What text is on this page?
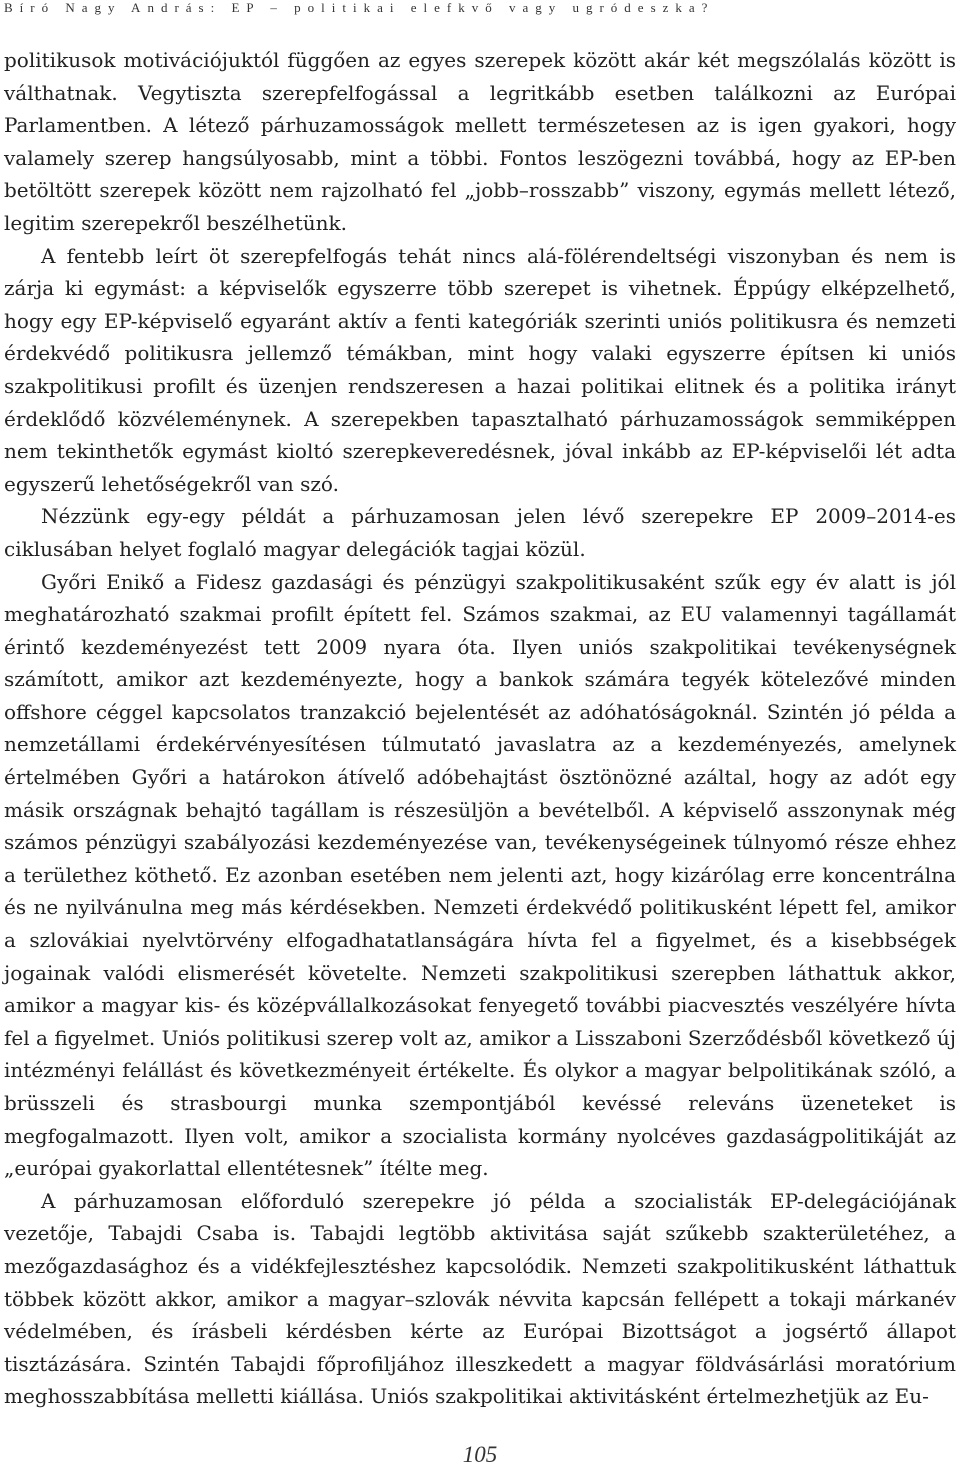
Bíró Nagy András: EP – politikai elefkvő vagy ugródeszka?

politikusok motivációjuktól függően az egyes szerepek között akár két megszólalás között is válthatnak. Vegytiszta szerepfelfogással a legritkább esetben találkozni az Európai Parlamentben. A létező párhuzamosságok mellett természetesen az is igen gyakori, hogy valamely szerep hangsúlyosabb, mint a többi. Fontos leszögezni továbbá, hogy az EP-ben betöltött szerepek között nem rajzolható fel „jobb–rosszabb” viszony, egymás mellett létező, legitim szerepekről beszélhetünk.

A fentebb leírt öt szerepfelfogás tehát nincs alá-fölérendeltségi viszonyban és nem is zárja ki egymást: a képviselők egyszerre több szerepet is vihetnek. Éppúgy elképzelhető, hogy egy EP-képviselő egyaránt aktív a fenti kategóriák szerinti uniós politikusra és nemzeti érdekvédő politikusra jellemző témákban, mint hogy valaki egyszerre építsen ki uniós szakpolitikusi profilt és üzenjen rendszeresen a hazai politikai elitnek és a politika irányt érdeklődő közvéleménynek. A szerepekben tapasztalható párhuzamosságok semmiképpen nem tekinthetők egymást kioltó szerepkeveredésnek, jóval inkább az EP-képviselői lét adta egyszerű lehetőségekről van szó.

Nézzünk egy-egy példát a párhuzamosan jelen lévő szerepekre EP 2009–2014-es ciklusában helyet foglaló magyar delegációk tagjai közül.

Győri Enikő a Fidesz gazdasági és pénzügyi szakpolitikusaként szűk egy év alatt is jól meghatározható szakmai profilt épített fel. Számos szakmai, az EU valamennyi tagállamát érintő kezdeményezést tett 2009 nyara óta. Ilyen uniós szakpolitikai tevékenységnek számított, amikor azt kezdeményezte, hogy a bankok számára tegyék kötelezővé minden offshore céggel kapcsolatos tranzakció bejelentését az adóhatóságoknál. Szintén jó példa a nemzetállami érdekérvényesítésen túlmutató javaslatra az a kezdeményezés, amelynek értelmében Győri a határokon átívelő adóbehajtást ösztönözné azáltal, hogy az adót egy másik országnak behajtó tagállam is részesüljön a bevételből. A képviselő asszonynak még számos pénzügyi szabályozási kezdeményezése van, tevékenységeinek túlnyomó része ehhez a területhez köthető. Ez azonban esetében nem jelenti azt, hogy kizárólag erre koncentrálna és ne nyilvánulna meg más kérdésekben. Nemzeti érdekvédő politikusként lépett fel, amikor a szlovákiai nyelvtörvény elfogadhatatlanságára hívta fel a figyelmet, és a kisebbségek jogainak valódi elismerését követelte. Nemzeti szakpolitikusi szerepben láthattuk akkor, amikor a magyar kis- és középvállalkozásokat fenyegető további piacvesztés veszélyére hívta fel a figyelmet. Uniós politikusi szerep volt az, amikor a Lisszaboni Szerződésből következő új intézményi felállást és következményeit értékelte. És olykor a magyar belpolitikának szóló, a brüsszeli és strasbourgi munka szempontjából kevéssé releváns üzeneteket is megfogalmazott. Ilyen volt, amikor a szocialista kormány nyolcéves gazdaságpolitikáját az „európai gyakorlattal ellentétesnek” ítélte meg.

A párhuzamosan előforduló szerepekre jó példa a szocialisták EP-delegációjának vezetője, Tabajdi Csaba is. Tabajdi legtöbb aktivitása saját szűkebb szakterületéhez, a mezőgazdasághoz és a vidékfejlesztéshez kapcsolódik. Nemzeti szakpolitikusként láthattuk többek között akkor, amikor a magyar–szlovák névvita kapcsán fellépett a tokaji márkanév védelmében, és írásbeli kérdésben kérte az Európai Bizottságot a jogsértő állapot tisztázására. Szintén Tabajdi főprofiljához illeszkedett a magyar földvásárlási moratórium meghosszabbítása melletti kiállása. Uniós szakpolitikai aktivitásként értelmezhetjük az Eu-

105
